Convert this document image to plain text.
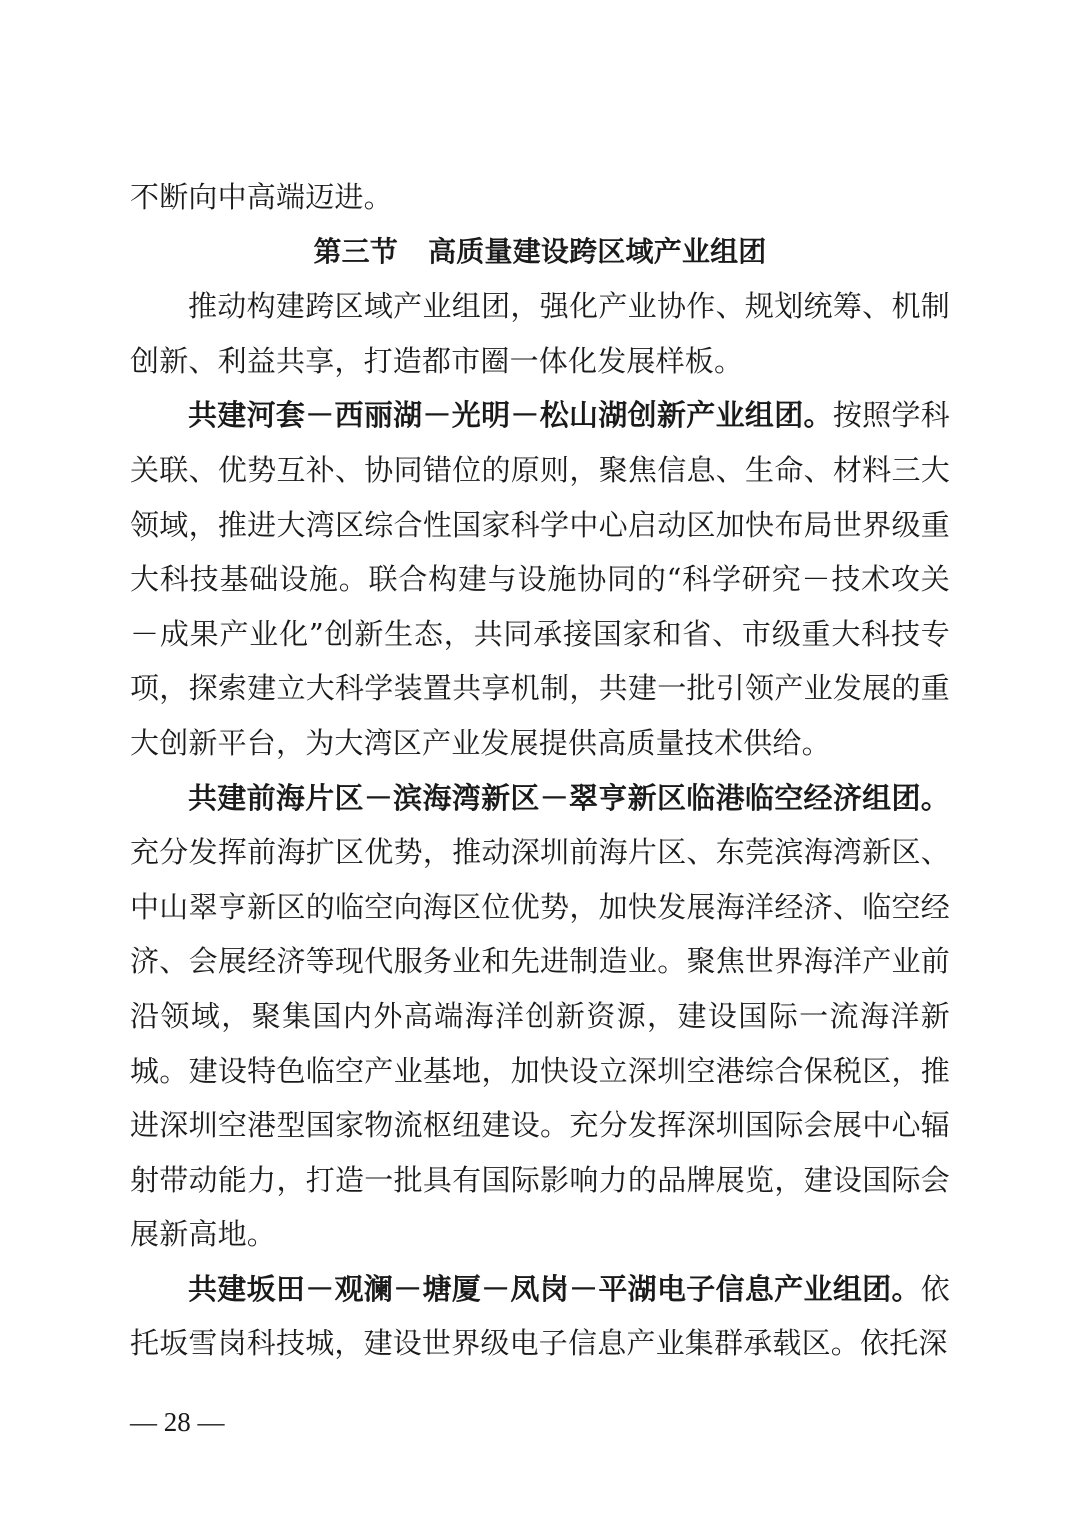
不断向中高端迈进。

第三节 高质量建设跨区域产业组团

推动构建跨区域产业组团，强化产业协作、规划统筹、机制创新、利益共享，打造都市圈一体化发展样板。

共建河套－西丽湖－光明－松山湖创新产业组团。按照学科关联、优势互补、协同错位的原则，聚焦信息、生命、材料三大领域，推进大湾区综合性国家科学中心启动区加快布局世界级重大科技基础设施。联合构建与设施协同的“科学研究－技术攻关－成果产业化”创新生态，共同承接国家和省、市级重大科技专项，探索建立大科学装置共享机制，共建一批引领产业发展的重大创新平台，为大湾区产业发展提供高质量技术供给。

共建前海片区－滨海湾新区－翠亨新区临港临空经济组团。充分发挥前海扩区优势，推动深圳前海片区、东莞滨海湾新区、中山翠亨新区的临空向海区位优势，加快发展海洋经济、临空经济、会展经济等现代服务业和先进制造业。聚焦世界海洋产业前沿领域，聚集国内外高端海洋创新资源，建设国际一流海洋新城。建设特色临空产业基地，加快设立深圳空港综合保税区，推进深圳空港型国家物流枢纽建设。充分发挥深圳国际会展中心辐射带动能力，打造一批具有国际影响力的品牌展览，建设国际会展新高地。

共建坂田－观澜－塘厦－凤岗－平湖电子信息产业组团。依托坂雪岗科技城，建设世界级电子信息产业集群承载区。依托深

— 28 —
